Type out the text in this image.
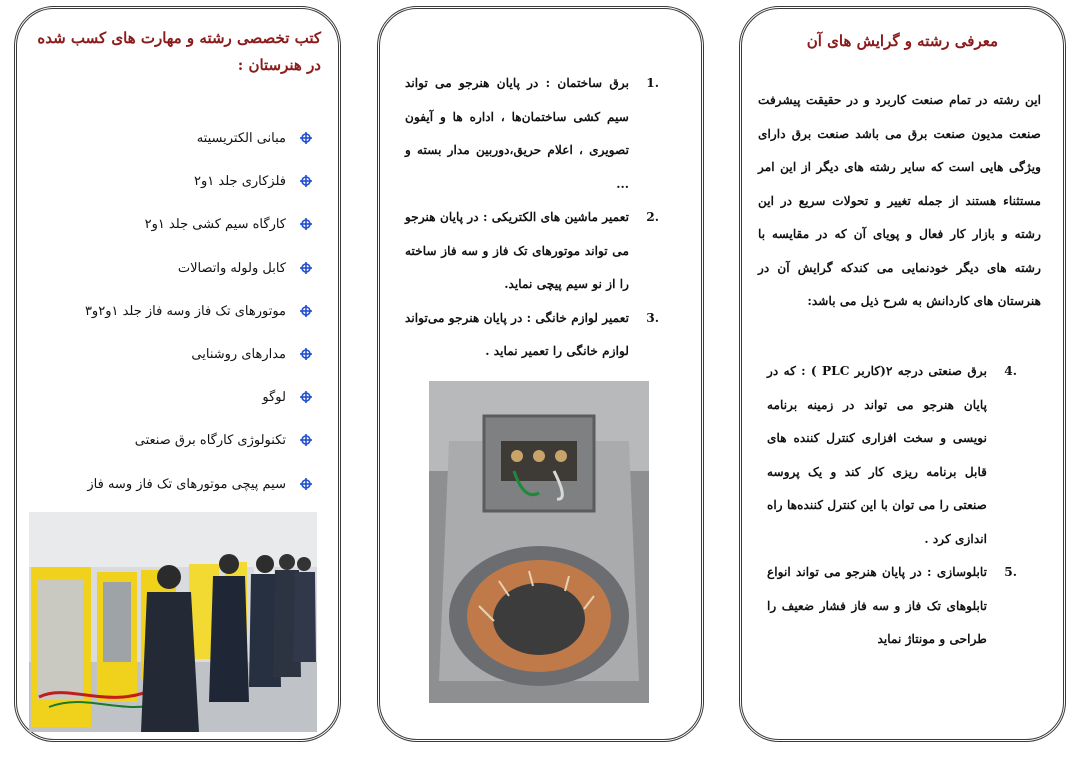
کتب تخصصی رشته و مهارت های کسب شده در هنرستان :
مبانی الکتریسیته
فلزکاری جلد ۱و۲
کارگاه سیم کشی جلد ۱و۲
کابل ولوله واتصالات
موتورهای تک فاز وسه فاز جلد ۱و۲و۳
مدارهای روشنایی
لوگو
تکنولوژی کارگاه برق صنعتی
سیم پیچی موتورهای تک فاز وسه فاز
.1
برق ساختمان : در پایان هنرجو می تواند سیم کشی ساختمان‌ها ، اداره ها و آیفون تصویری ، اعلام حریق،دوربین مدار بسته و ...
.2
تعمیر ماشین های الکتریکی : در پایان هنرجو می تواند موتورهای تک فاز و سه فاز ساخته را از نو سیم پیچی نماید.
.3
تعمیر لوازم خانگی : در پایان هنرجو می‌تواند لوازم خانگی را تعمیر نماید .
معرفی رشته و گرایش های آن
این رشته در تمام صنعت کاربرد و در حقیقت پیشرفت صنعت مدیون صنعت برق می باشد صنعت برق دارای ویژگی هایی است که سایر رشته های دیگر از این امر مستثناء هستند از جمله تغییر و تحولات سریع در این رشته و بازار کار فعال و پویای آن که در مقایسه با رشته های دیگر خودنمایی می کندکه گرایش آن در هنرستان های کاردانش به شرح ذیل می باشد:
.4
برق صنعتی درجه ۲(کاربر PLC ) : که در پایان هنرجو می تواند در زمینه برنامه نویسی و سخت افزاری کنترل کننده های قابل برنامه ریزی کار کند و یک پروسه صنعتی را می توان با این کنترل کننده‌ها راه اندازی کرد .
.5
تابلوسازی : در پایان هنرجو می تواند انواع تابلوهای تک فاز و سه فاز فشار ضعیف را طراحی و مونتاژ نماید
